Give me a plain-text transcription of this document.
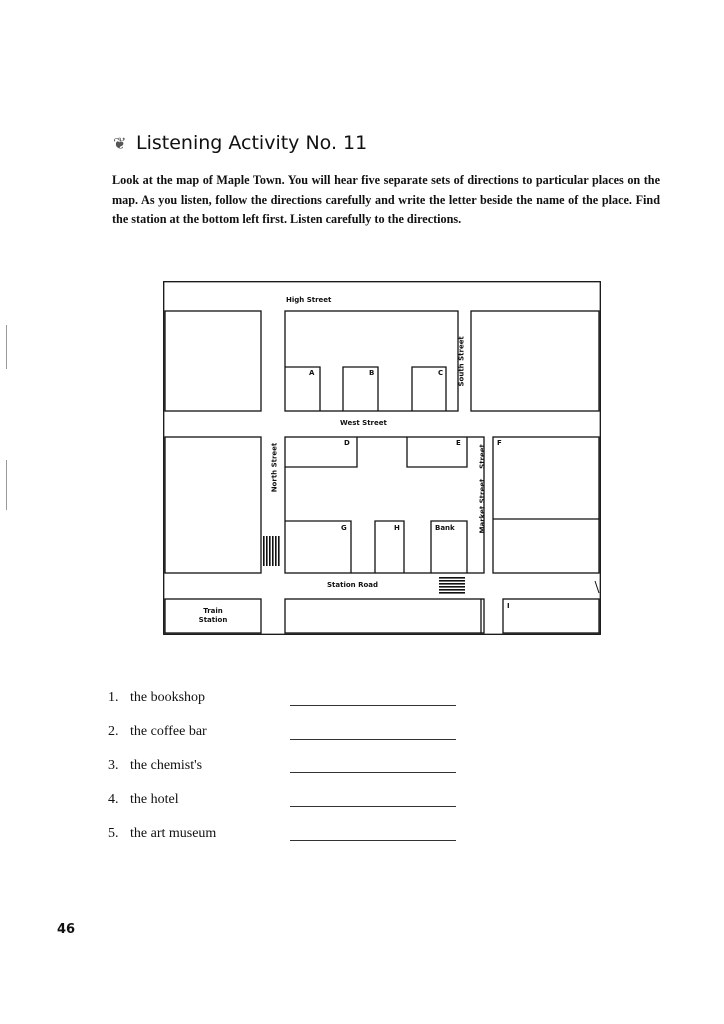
❦ Listening Activity No. 11
Look at the map of Maple Town. You will hear five separate sets of directions to particular places on the map. As you listen, follow the directions carefully and write the letter beside the name of the place. Find the station at the bottom left first. Listen carefully to the directions.
High Street
West Street
Station Road
South Street
North Street
Market Street
Street
A	B	C
D	E	F
G	H	Bank
I
Train
Station
1. the bookshop
2. the coffee bar
3. the chemist's
4. the hotel
5. the art museum
46
